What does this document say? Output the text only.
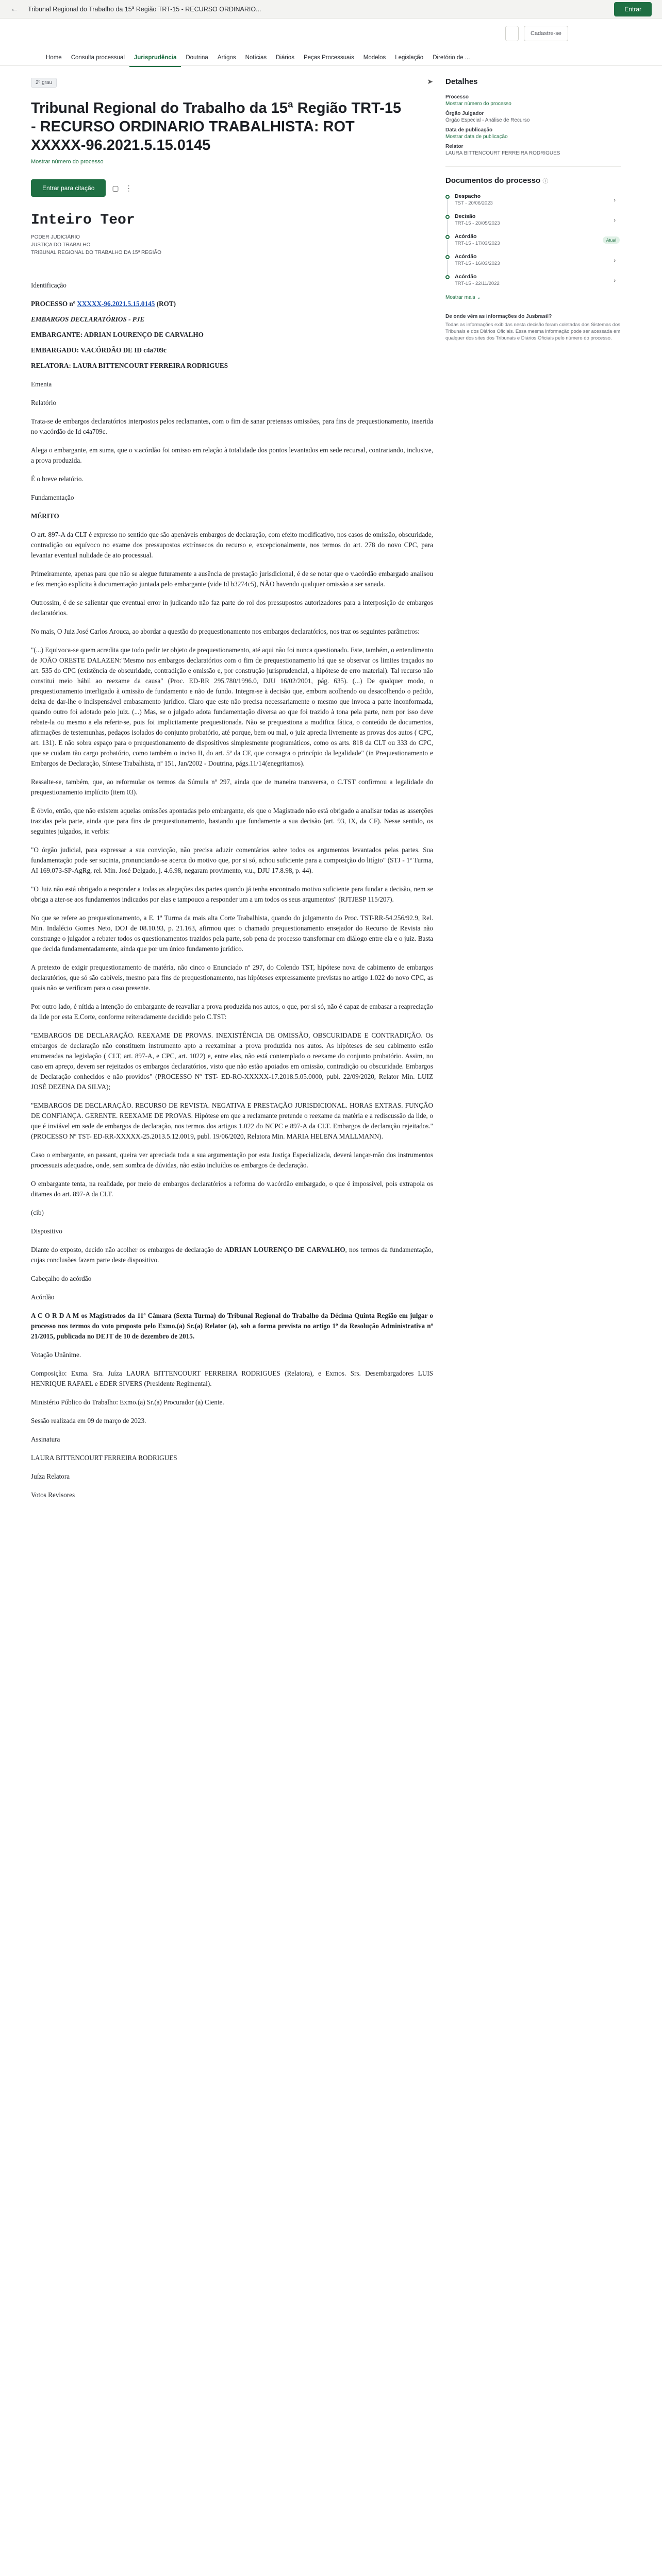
←	Tribunal Regional do Trabalho da 15ª Região TRT-15 - RECURSO ORDINARIO...	Entrar
Cadastre-se
Home	Consulta processual	Jurisprudência	Doutrina	Artigos	Notícias	Diários	Peças Processuais	Modelos	Legislação	Diretório de ...
2º grau	➤
Tribunal Regional do Trabalho da 15ª Região TRT-15 - RECURSO ORDINARIO TRABALHISTA: ROT XXXXX-96.2021.5.15.0145
Mostrar número do processo
Entrar para citação	▢ ⋮
Inteiro Teor
PODER JUDICIÁRIO
JUSTIÇA DO TRABALHO
TRIBUNAL REGIONAL DO TRABALHO DA 15ª REGIÃO

Identificação

PROCESSO nº XXXXX-96.2021.5.15.0145 (ROT)

EMBARGOS DECLARATÓRIOS - PJE

EMBARGANTE: ADRIAN LOURENÇO DE CARVALHO

EMBARGADO: V.ACÓRDÃO DE ID c4a709c

RELATORA: LAURA BITTENCOURT FERREIRA RODRIGUES

Ementa

Relatório

Trata-se de embargos declaratórios interpostos pelos reclamantes, com o fim de sanar pretensas omissões, para fins de prequestionamento, inserida no v.acórdão de Id c4a709c.

Alega o embargante, em suma, que o v.acórdão foi omisso em relação à totalidade dos pontos levantados em sede recursal, contrariando, inclusive, a prova produzida.

É o breve relatório.

Fundamentação

MÉRITO

O art. 897-A da CLT é expresso no sentido que são apenáveis embargos de declaração, com efeito modificativo, nos casos de omissão, obscuridade, contradição ou equívoco no exame dos pressupostos extrínsecos do recurso e, excepcionalmente, nos termos do art. 278 do novo CPC, para levantar eventual nulidade de ato processual.

Primeiramente, apenas para que não se alegue futuramente a ausência de prestação jurisdicional, é de se notar que o v.acórdão embargado analisou e fez menção explícita à documentação juntada pelo embargante (vide Id b3274c5), NÃO havendo qualquer omissão a ser sanada.

Outrossim, é de se salientar que eventual error in judicando não faz parte do rol dos pressupostos autorizadores para a interposição de embargos declaratórios.

No mais, O Juiz José Carlos Arouca, ao abordar a questão do prequestionamento nos embargos declaratórios, nos traz os seguintes parâmetros:

"(...) Equivoca-se quem acredita que todo pedir ter objeto de prequestionamento, até aqui não foi nunca questionado. Este, também, o entendimento de JOÃO ORESTE DALAZEN:"Mesmo nos embargos declaratórios com o fim de prequestionamento há que se observar os limites traçados no art. 535 do CPC (existência de obscuridade, contradição e omissão e, por construção jurisprudencial, a hipótese de erro material). Tal recurso não constitui meio hábil ao reexame da causa" (Proc. ED-RR 295.780/1996.0, DJU 16/02/2001, pág. 635). (...) De qualquer modo, o prequestionamento interligado à omissão de fundamento e não de fundo. Integra-se à decisão que, embora acolhendo ou desacolhendo o pedido, deixa de dar-lhe o indispensável embasamento jurídico. Claro que este não precisa necessariamente o mesmo que invoca a parte inconformada, quando outro foi adotado pelo juiz. (...) Mas, se o julgado adota fundamentação diversa ao que foi trazido à tona pela parte, nem por isso deve rebate-la ou mesmo a ela referir-se, pois foi implicitamente prequestionada. Não se prequestiona a modifica fática, o conteúdo de documentos, afirmações de testemunhas, pedaços isolados do conjunto probatório, até porque, bem ou mal, o juiz aprecia livremente as provas dos autos ( CPC, art. 131). E não sobra espaço para o prequestionamento de dispositivos simplesmente programáticos, como os arts. 818 da CLT ou 333 do CPC, que se cuidam tão cargo probatório, como também o inciso II, do art. 5º da CF, que consagra o princípio da legalidade" (in Prequestionamento e Embargos de Declaração, Síntese Trabalhista, nº 151, Jan/2002 - Doutrina, págs.11/14(enegritamos).

Ressalte-se, também, que, ao reformular os termos da Súmula nº 297, ainda que de maneira transversa, o C.TST confirmou a legalidade do prequestionamento implícito (item 03).

É óbvio, então, que não existem aquelas omissões apontadas pelo embargante, eis que o Magistrado não está obrigado a analisar todas as asserções trazidas pela parte, ainda que para fins de prequestionamento, bastando que fundamente a sua decisão (art. 93, IX, da CF). Nesse sentido, os seguintes julgados, in verbis:

"O órgão judicial, para expressar a sua convicção, não precisa aduzir comentários sobre todos os argumentos levantados pelas partes. Sua fundamentação pode ser sucinta, pronunciando-se acerca do motivo que, por si só, achou suficiente para a composição do litígio" (STJ - 1ª Turma, AI 169.073-SP-AgRg, rel. Min. José Delgado, j. 4.6.98, negaram provimento, v.u., DJU 17.8.98, p. 44).

"O Juiz não está obrigado a responder a todas as alegações das partes quando já tenha encontrado motivo suficiente para fundar a decisão, nem se obriga a ater-se aos fundamentos indicados por elas e tampouco a responder um a um todos os seus argumentos" (RJTJESP 115/207).

No que se refere ao prequestionamento, a E. 1ª Turma da mais alta Corte Trabalhista, quando do julgamento do Proc. TST-RR-54.256/92.9, Rel. Min. Indalécio Gomes Neto, DOJ de 08.10.93, p. 21.163, afirmou que: o chamado prequestionamento ensejador do Recurso de Revista não constrange o julgador a rebater todos os questionamentos trazidos pela parte, sob pena de processo transformar em diálogo entre ela e o juiz. Basta que decida fundamentadamente, ainda que por um único fundamento jurídico.

A pretexto de exigir prequestionamento de matéria, não cinco o Enunciado nº 297, do Colendo TST, hipótese nova de cabimento de embargos declaratórios, que só são cabíveis, mesmo para fins de prequestionamento, nas hipóteses expressamente previstas no artigo 1.022 do novo CPC, as quais não se verificam para o caso presente.

Por outro lado, é nítida a intenção do embargante de reavaliar a prova produzida nos autos, o que, por si só, não é capaz de embasar a reapreciação da lide por esta E.Corte, conforme reiteradamente decidido pelo C.TST:

"EMBARGOS DE DECLARAÇÃO. REEXAME DE PROVAS. INEXISTÊNCIA DE OMISSÃO, OBSCURIDADE E CONTRADIÇÃO. Os embargos de declaração não constituem instrumento apto a reexaminar a prova produzida nos autos. As hipóteses de seu cabimento estão enumeradas na legislação ( CLT, art. 897-A, e CPC, art. 1022) e, entre elas, não está contemplado o reexame do conjunto probatório. Assim, no caso em apreço, devem ser rejeitados os embargos declaratórios, visto que não estão apoiados em omissão, contradição ou obscuridade. Embargos de Declaração conhecidos e não providos" (PROCESSO Nº TST- ED-RO-XXXXX-17.2018.5.05.0000, publ. 22/09/2020, Relator Min. LUIZ JOSÉ DEZENA DA SILVA);

"EMBARGOS DE DECLARAÇÃO. RECURSO DE REVISTA. NEGATIVA E PRESTAÇÃO JURISDICIONAL. HORAS EXTRAS. FUNÇÃO DE CONFIANÇA. GERENTE. REEXAME DE PROVAS. Hipótese em que a reclamante pretende o reexame da matéria e a rediscussão da lide, o que é inviável em sede de embargos de declaração, nos termos dos artigos 1.022 do NCPC e 897-A da CLT. Embargos de declaração rejeitados."(PROCESSO Nº TST- ED-RR-XXXXX-25.2013.5.12.0019, publ. 19/06/2020, Relatora Min. MARIA HELENA MALLMANN).

Caso o embargante, en passant, queira ver apreciada toda a sua argumentação por esta Justiça Especializada, deverá lançar-mão dos instrumentos processuais adequados, onde, sem sombra de dúvidas, não estão incluídos os embargos de declaração.

O embargante tenta, na realidade, por meio de embargos declaratórios a reforma do v.acórdão embargado, o que é impossível, pois extrapola os ditames do art. 897-A da CLT.

(cib)

Dispositivo

Diante do exposto, decido não acolher os embargos de declaração de ADRIAN LOURENÇO DE CARVALHO, nos termos da fundamentação, cujas conclusões fazem parte deste dispositivo.

Cabeçalho do acórdão

Acórdão

A C O R D A M os Magistrados da 11ª Câmara (Sexta Turma) do Tribunal Regional do Trabalho da Décima Quinta Região em julgar o processo nos termos do voto proposto pelo Exmo.(a) Sr.(a) Relator (a), sob a forma prevista no artigo 1º da Resolução Administrativa nº 21/2015, publicada no DEJT de 10 de dezembro de 2015.

Votação Unânime.

Composição: Exma. Sra. Juíza LAURA BITTENCOURT FERREIRA RODRIGUES (Relatora), e Exmos. Srs. Desembargadores LUIS HENRIQUE RAFAEL e EDER SIVERS (Presidente Regimental).

Ministério Público do Trabalho: Exmo.(a) Sr.(a) Procurador (a) Ciente.

Sessão realizada em 09 de março de 2023.

Assinatura

LAURA BITTENCOURT FERREIRA RODRIGUES

Juíza Relatora

Votos Revisores

Detalhes
Processo
Mostrar número do processo
Órgão Julgador
Órgão Especial - Análise de Recurso
Data de publicação
Mostrar data de publicação
Relator
LAURA BITTENCOURT FERREIRA RODRIGUES
Documentos do processo ⓘ
Despacho
TST - 20/06/2023	›
Decisão
TRT-15 - 20/05/2023	›
Acórdão
TRT-15 - 17/03/2023
Atual
Acórdão
TRT-15 - 16/03/2023	›
Acórdão
TRT-15 - 22/11/2022	›
Mostrar mais ⌄
De onde vêm as informações do Jusbrasil?
Todas as informações exibidas nesta decisão foram coletadas dos Sistemas dos Tribunais e dos Diários Oficiais. Essa mesma informação pode ser acessada em qualquer dos sites dos Tribunais e Diários Oficiais pelo número do processo.
